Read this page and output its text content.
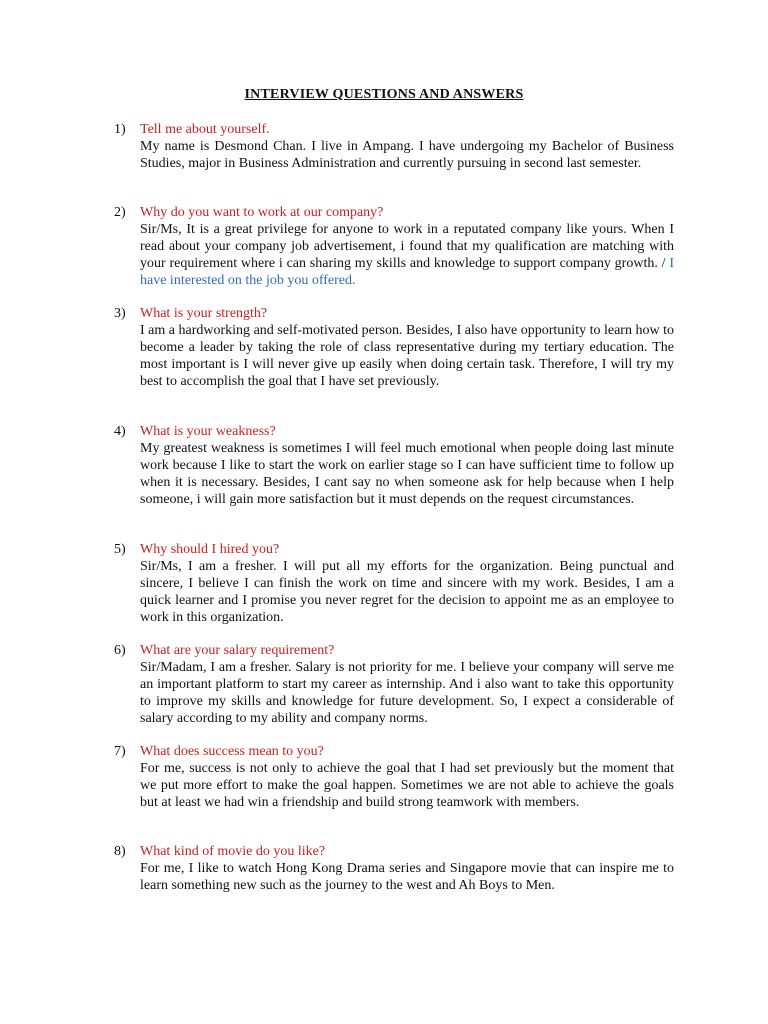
INTERVIEW QUESTIONS AND ANSWERS
1) Tell me about yourself.
My name is Desmond Chan. I live in Ampang. I have undergoing my Bachelor of Business Studies, major in Business Administration and currently pursuing in second last semester.
2) Why do you want to work at our company?
Sir/Ms, It is a great privilege for anyone to work in a reputated company like yours. When I read about your company job advertisement, i found that my qualification are matching with your requirement where i can sharing my skills and knowledge to support company growth. / I have interested on the job you offered.
3) What is your strength?
I am a hardworking and self-motivated person. Besides, I also have opportunity to learn how to become a leader by taking the role of class representative during my tertiary education. The most important is I will never give up easily when doing certain task. Therefore, I will try my best to accomplish the goal that I have set previously.
4) What is your weakness?
My greatest weakness is sometimes I will feel much emotional when people doing last minute work because I like to start the work on earlier stage so I can have sufficient time to follow up when it is necessary. Besides, I cant say no when someone ask for help because when I help someone, i will gain more satisfaction but it must depends on the request circumstances.
5) Why should I hired you?
Sir/Ms, I am a fresher. I will put all my efforts for the organization. Being punctual and sincere, I believe I can finish the work on time and sincere with my work. Besides, I am a quick learner and I promise you never regret for the decision to appoint me as an employee to work in this organization.
6) What are your salary requirement?
Sir/Madam, I am a fresher. Salary is not priority for me. I believe your company will serve me an important platform to start my career as internship. And i also want to take this opportunity to improve my skills and knowledge for future development. So, I expect a considerable of salary according to my ability and company norms.
7) What does success mean to you?
For me, success is not only to achieve the goal that I had set previously but the moment that we put more effort to make the goal happen. Sometimes we are not able to achieve the goals but at least we had win a friendship and build strong teamwork with members.
8) What kind of movie do you like?
For me, I like to watch Hong Kong Drama series and Singapore movie that can inspire me to learn something new such as the journey to the west and Ah Boys to Men.
